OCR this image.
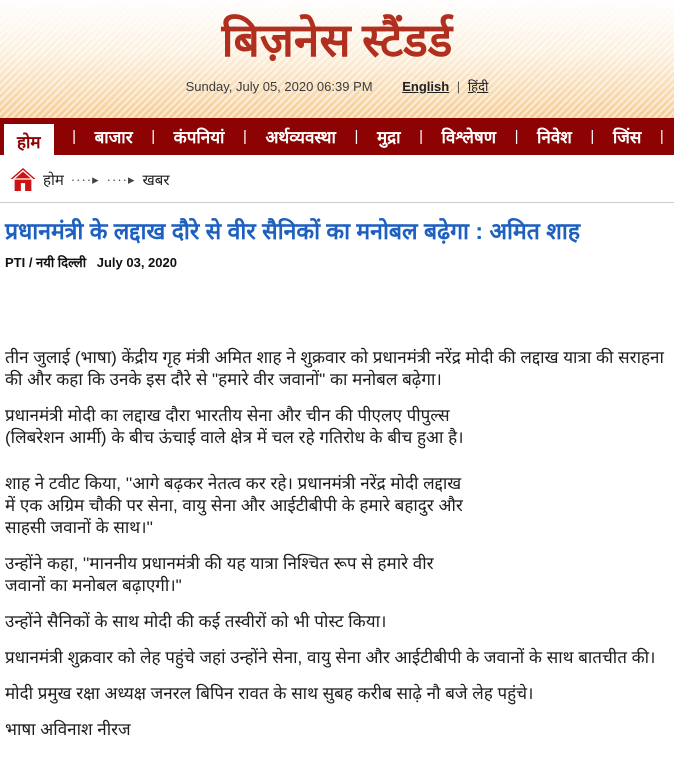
बिज़नेस स्टैंडर्ड
Sunday, July 05, 2020 06:39 PM English | हिंदी
होम	| बाजार | कंपनियां | अर्थव्यवस्था | मुद्रा | विश्लेषण | निवेश | जिंस |
होम ····▸ ····▸ खबर
प्रधानमंत्री के लद्दाख दौरे से वीर सैनिकों का मनोबल बढ़ेगा : अमित शाह
PTI / नयी दिल्ली July 03, 2020

तीन जुलाई (भाषा) केंद्रीय गृह मंत्री अमित शाह ने शुक्रवार को प्रधानमंत्री नरेंद्र मोदी की लद्दाख यात्रा की सराहना की और कहा कि उनके इस दौरे से "हमारे वीर जवानों" का मनोबल बढ़ेगा।

प्रधानमंत्री मोदी का लद्दाख दौरा भारतीय सेना और चीन की पीएलए पीपुल्स (लिबरेशन आर्मी) के बीच ऊंचाई वाले क्षेत्र में चल रहे गतिरोध के बीच हुआ है।

शाह ने टवीट किया, ''आगे बढ़कर नेतत्व कर रहे। प्रधानमंत्री नरेंद्र मोदी लद्दाख में एक अग्रिम चौकी पर सेना, वायु सेना और आईटीबीपी के हमारे बहादुर और साहसी जवानों के साथ।''

उन्होंने कहा, ''माननीय प्रधानमंत्री की यह यात्रा निश्चित रूप से हमारे वीर जवानों का मनोबल बढ़ाएगी।"

उन्होंने सैनिकों के साथ मोदी की कई तस्वीरों को भी पोस्ट किया।

प्रधानमंत्री शुक्रवार को लेह पहुंचे जहां उन्होंने सेना, वायु सेना और आईटीबीपी के जवानों के साथ बातचीत की।

मोदी प्रमुख रक्षा अध्यक्ष जनरल बिपिन रावत के साथ सुबह करीब साढ़े नौ बजे लेह पहुंचे।

भाषा अविनाश नीरज
